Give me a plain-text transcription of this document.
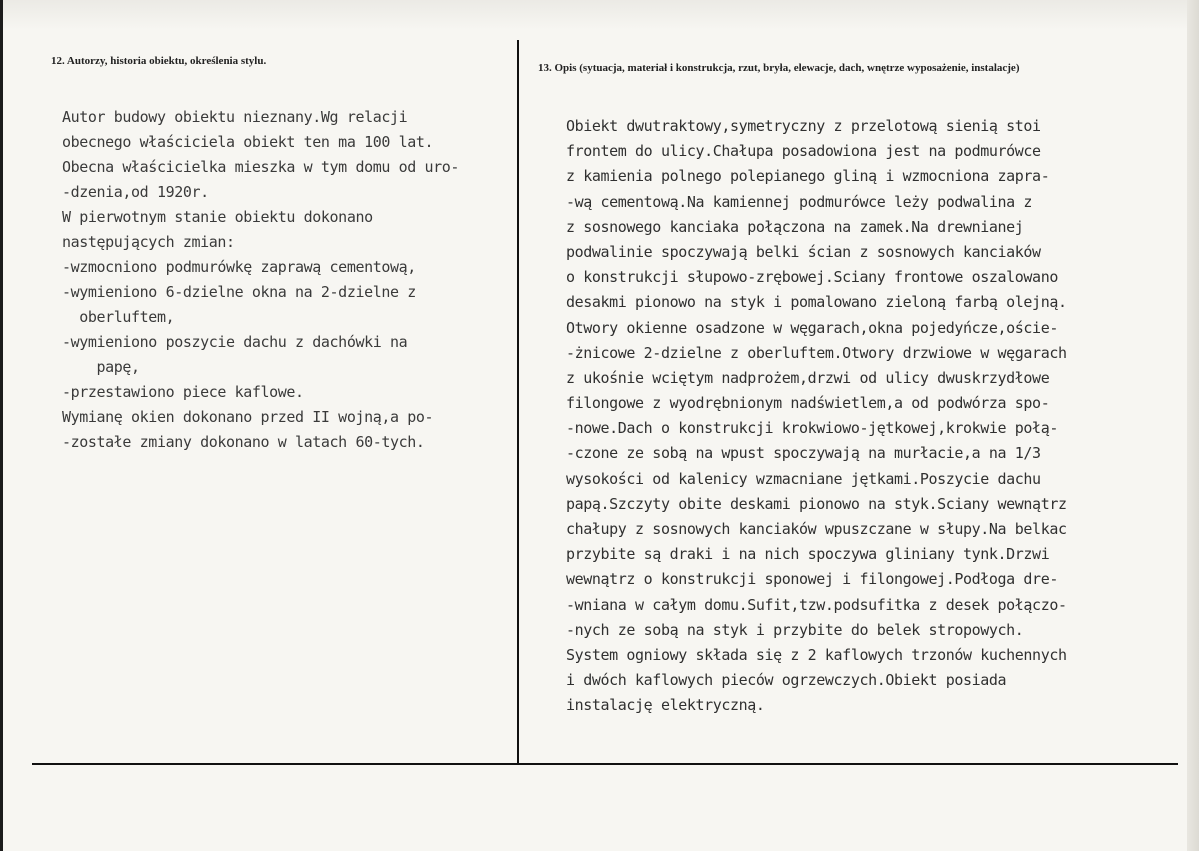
12. Autorzy, historia obiektu, określenia stylu.
13. Opis (sytuacja, materiał i konstrukcja, rzut, bryła, elewacje, dach, wnętrze wyposażenie, instalacje)
Autor budowy obiektu nieznany.Wg relacji
obecnego właściciela obiekt ten ma 100 lat.
Obecna właścicielka mieszka w tym domu od uro-
-dzenia,od 1920r.
W pierwotnym stanie obiektu dokonano
następujących zmian:
-wzmocniono podmurówkę zaprawą cementową,
-wymieniono 6-dzielne okna na 2-dzielne z
oberluftem,
-wymieniono poszycie dachu z dachówki na
papę,
-przestawiono piece kaflowe.
Wymianę okien dokonano przed II wojną,a po-
-zostałe zmiany dokonano w latach 60-tych.
Obiekt dwutraktowy,symetryczny z przelotową sienią stoi
frontem do ulicy.Chałupa posadowiona jest na podmurówce
z kamienia polnego polepianego gliną i wzmocniona zapra-
-wą cementową.Na kamiennej podmurówce leży podwalina z
z sosnowego kanciaka połączona na zamek.Na drewnianej
podwalinie spoczywają belki ścian z sosnowych kanciaków
o konstrukcji słupowo-zrębowej.Sciany frontowe oszalowano
desakmi pionowo na styk i pomalowano zieloną farbą olejną.
Otwory okienne osadzone w węgarach,okna pojedyńcze,oście-
-żnicowe 2-dzielne z oberluftem.Otwory drzwiowe w węgarach
z ukośnie wciętym nadprożem,drzwi od ulicy dwuskrzydłowe
filongowe z wyodrębnionym nadświetlem,a od podwórza spo-
-nowe.Dach o konstrukcji krokwiowo-jętkowej,krokwie połą-
-czone ze sobą na wpust spoczywają na murłacie,a na 1/3
wysokości od kalenicy wzmacniane jętkami.Poszycie dachu
papą.Szczyty obite deskami pionowo na styk.Sciany wewnątrz
chałupy z sosnowych kanciaków wpuszczane w słupy.Na belkac
przybite są draki i na nich spoczywa gliniany tynk.Drzwi
wewnątrz o konstrukcji sponowej i filongowej.Podłoga dre-
-wniana w całym domu.Sufit,tzw.podsufitka z desek połączo-
-nych ze sobą na styk i przybite do belek stropowych.
System ogniowy składa się z 2 kaflowych trzonów kuchennych
i dwóch kaflowych pieców ogrzewczych.Obiekt posiada
instalację elektryczną.
